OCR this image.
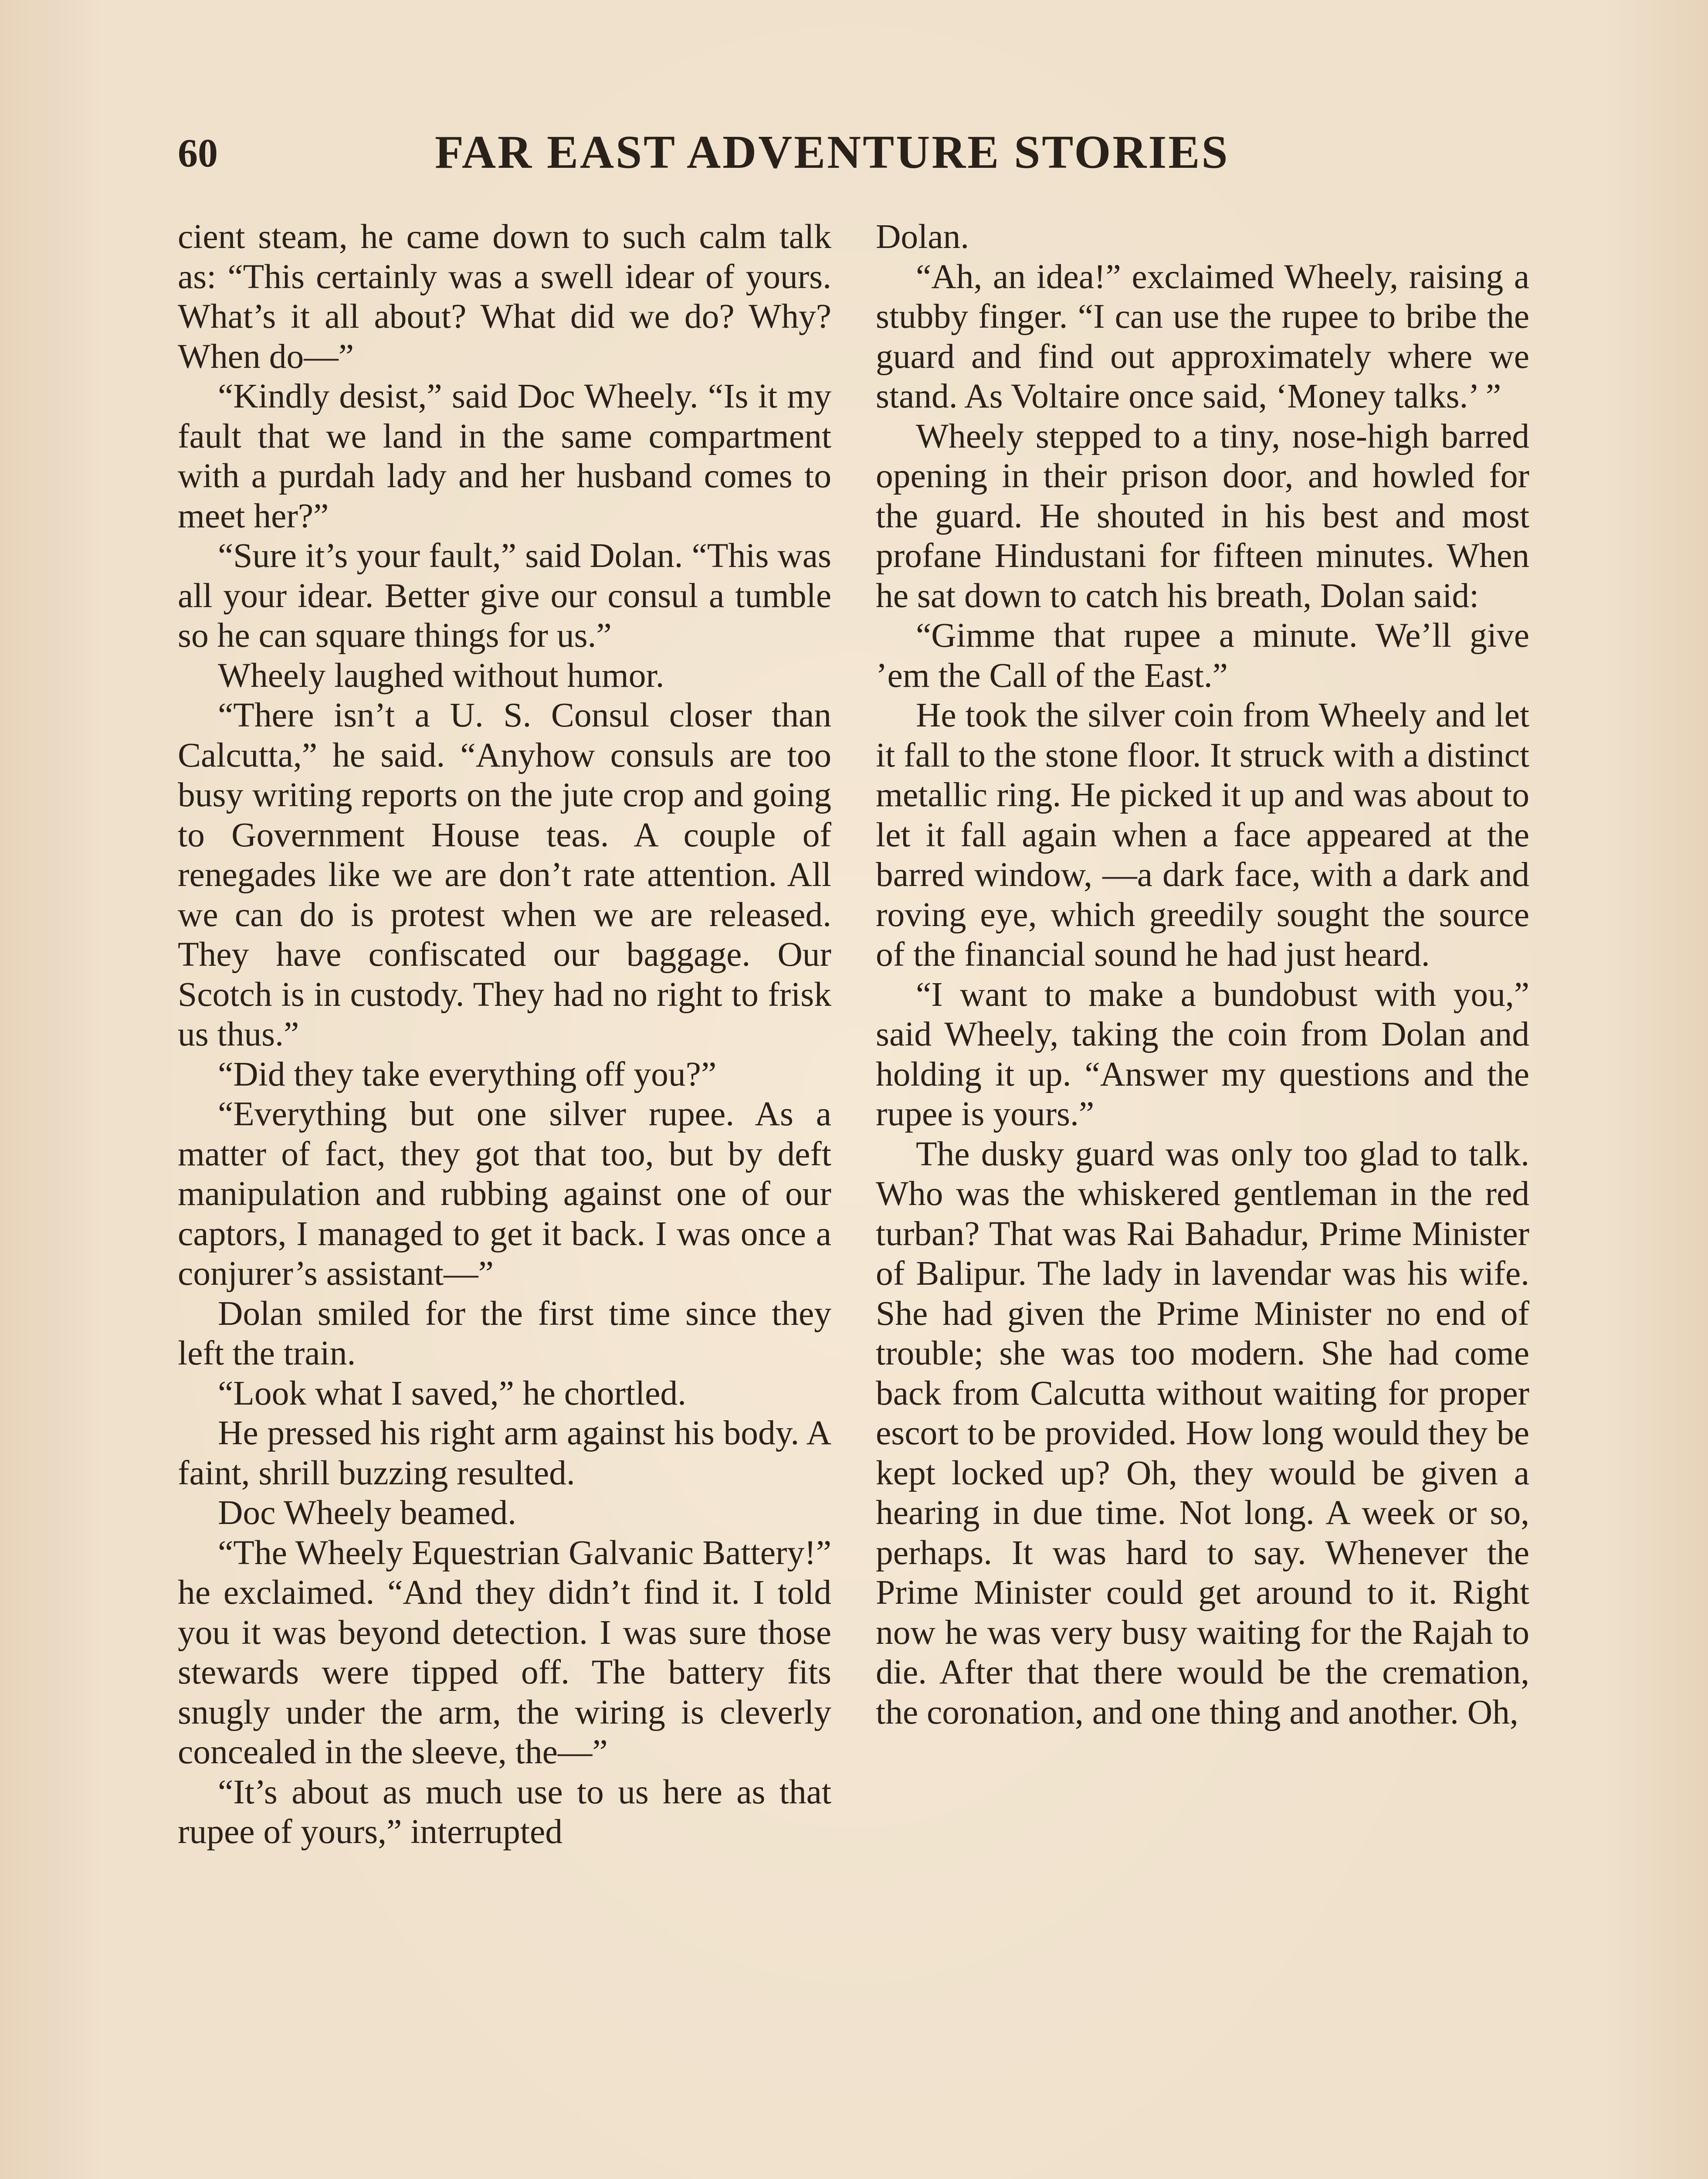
60	FAR EAST ADVENTURE STORIES

cient steam, he came down to such calm talk as: “This certainly was a swell idear of yours. What’s it all about? What did we do? Why? When do—”

“Kindly desist,” said Doc Wheely. “Is it my fault that we land in the same compartment with a purdah lady and her husband comes to meet her?”

“Sure it’s your fault,” said Dolan. “This was all your idear. Better give our consul a tumble so he can square things for us.”

Wheely laughed without humor.

“There isn’t a U. S. Consul closer than Calcutta,” he said. “Anyhow consuls are too busy writing reports on the jute crop and going to Government House teas. A couple of renegades like we are don’t rate attention. All we can do is protest when we are released. They have confiscated our baggage. Our Scotch is in custody. They had no right to frisk us thus.”

“Did they take everything off you?”

“Everything but one silver rupee. As a matter of fact, they got that too, but by deft manipulation and rubbing against one of our captors, I managed to get it back. I was once a conjurer’s assistant—”

Dolan smiled for the first time since they left the train.

“Look what I saved,” he chortled.

He pressed his right arm against his body. A faint, shrill buzzing resulted.

Doc Wheely beamed.

“The Wheely Equestrian Galvanic Battery!” he exclaimed. “And they didn’t find it. I told you it was beyond detection. I was sure those stewards were tipped off. The battery fits snugly under the arm, the wiring is cleverly concealed in the sleeve, the—”

“It’s about as much use to us here as that rupee of yours,” interrupted

Dolan.

“Ah, an idea!” exclaimed Wheely, raising a stubby finger. “I can use the rupee to bribe the guard and find out approximately where we stand. As Voltaire once said, ‘Money talks.’ ”

Wheely stepped to a tiny, nose-high barred opening in their prison door, and howled for the guard. He shouted in his best and most profane Hindustani for fifteen minutes. When he sat down to catch his breath, Dolan said:

“Gimme that rupee a minute. We’ll give ’em the Call of the East.”

He took the silver coin from Wheely and let it fall to the stone floor. It struck with a distinct metallic ring. He picked it up and was about to let it fall again when a face appeared at the barred window, —a dark face, with a dark and roving eye, which greedily sought the source of the financial sound he had just heard.

“I want to make a bundobust with you,” said Wheely, taking the coin from Dolan and holding it up. “Answer my questions and the rupee is yours.”

The dusky guard was only too glad to talk. Who was the whiskered gentleman in the red turban? That was Rai Bahadur, Prime Minister of Balipur. The lady in lavendar was his wife. She had given the Prime Minister no end of trouble; she was too modern. She had come back from Calcutta without waiting for proper escort to be provided. How long would they be kept locked up? Oh, they would be given a hearing in due time. Not long. A week or so, perhaps. It was hard to say. Whenever the Prime Minister could get around to it. Right now he was very busy waiting for the Rajah to die. After that there would be the cremation, the coronation, and one thing and another. Oh,
